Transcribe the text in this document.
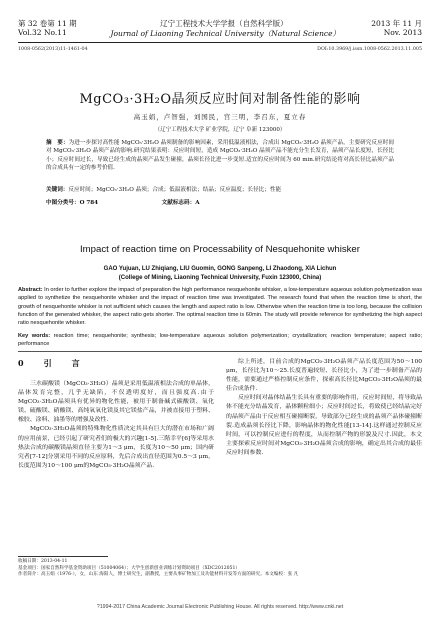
第 32 卷第 11 期	辽宁工程技术大学学报（自然科学版）	2013 年 11 月
Vol.32 No.11	Journal of Liaoning Technical University（Natural Science）	Nov. 2013
1008-0562(2013)11-1461-04	DOI:10.3969/j.issn.1008-0562.2013.11.005
MgCO₃·3H₂O晶须反应时间对制备性能的影响
高玉娟，卢智强，刘国民，宫三明，李召东，夏立春
（辽宁工程技术大学 矿业学院，辽宁 阜新 123000）
摘　要：为进一步探讨高性能 MgCO₃·3H₂O 晶须制备的影响因素，采用低温液相法，合成出 MgCO₃·3H₂O 晶须产品，主要研究反应时间对 MgCO₃·3H₂O 晶须产品的影响.研究结果表明：反应时间短，造成 MgCO₃·3H₂O 晶须产品不能充分生长发育，晶须产品长度短，长径比小；反应时间过长，导致已经生成的晶须产品发生碰撞，晶须长径比进一步变短.适宜的反应时间为 60 min.研究结论将对高长径比晶须产品的合成具有一定的参考价值.
关键词：反应时间；MgCO₃·3H₂O 晶须；合成；低温液相法；结晶；反应温度；长径比；性能
中图分类号：O 784	文献标志码：A
Impact of reaction time on Processability of Nesquehonite whisker
GAO Yujuan, LU Zhiqiang, LIU Guomin, GONG Sanpeng, LI Zhaodong, XIA Lichun
(College of Mining, Liaoning Technical University, Fuxin 123000, China)
Abstract: In order to further explore the impact of preparation the high performance nesquehonite whisker, a low-temperature aqueous solution polymerization was applied to synthetize the nesquehonite whisker and the impact of reaction time was investigated. The research found that when the reaction time is short, the growth of nesquehonite whisker is not sufficient which causes the length and aspect ratio is low. Otherwise when the reaction time is too long, because the collision function of the generated whisker, the aspect ratio gets shorter. The optimal reaction time is 60min. The study will provide reference for synthetizing the high aspect ratio nesquehonite whisker.
Key words: reaction time; nesquehonite; synthesis; low-temperature aqueous solution polymerization; crystallization; reaction temperature; aspect ratio; performance
0　引　言

三水碳酸镁（MgCO₃·3H₂O）晶须是采用低温液相法合成的单晶体，晶体发育完整，几乎无缺陷，不仅透明度好，而且强度高.由于MgCO₃·3H₂O晶须具有优异的物化性能，被用于制备碱式碳酸镁、氧化镁、硫酸镁、硝酸镁、高纯氧氧化镁及其它镁盐产品，并被直接用于塑料、橡胶、涂料、油墨等的增强及改性.

MgCO₃·3H₂O晶须的特殊物化性质决定其具有巨大的潜在市场和广阔的应用前景，已经引起了研究者们的极大的兴趣[1-5].三階幸平[6]等采用水热法合成的碳酸镁晶须直径主要为1～3 μm，长度为10～50 μm；国内研究者[7-12]分别采用不同的反应原料，先后合成出直径范围为0.5～3 μm，长度范围为10～100 μm的MgCO₃·3H₂O晶须产品.

综上所述，目前合成的MgCO₃·3H₂O晶须产品长度范围为50～100 μm，长径比为10～25.长度普遍较短、长径比小，为了进一步制备产品的性能，需要通过严格控制反应条件，探索高长径比MgCO₃·3H₂O晶须的最佳合成条件.

反应时间对晶体结晶生长具有重要的影响作用，反应时间短，将导致晶体不能充分结晶发育，晶体颗粒细小；反应时间过长，将致使已经结晶完好的晶须产品由于反应相互碰撞断裂，导致部分已经生成的晶须产品体碰撞断裂.造成晶须长径比下降，影响晶体的物化性能[13-14].这样通过控制反应时间，可以控制反应进行的程度，从而控制产物的形貌及尺寸.因此，本文主要探索反应时间对MgCO₃·3H₂O晶须合成的影响，确定出其合成的最佳反应时间参数.

收稿日期：2013-04-11
基金项目：国家自然科学基金资助项目（51004064）；大学生创新创业训练计划资助项目（XDC2012051）
作者简介：高玉娟（1976-），女，山东 海阳人，博士研究生，副教授，主要从事矿物加工及功能材料开发等方面的研究。本文编校：张 凡
?1994-2017 China Academic Journal Electronic Publishing House. All rights reserved. http://www.cnki.net
